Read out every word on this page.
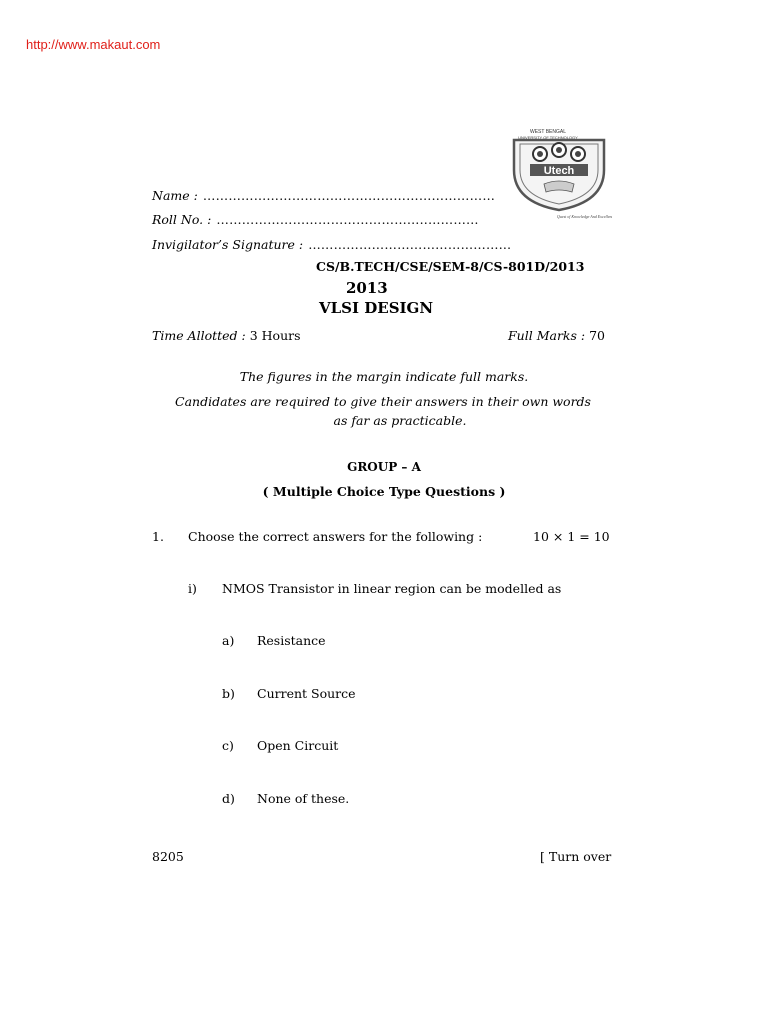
http://www.makaut.com
WEST BENGAL
UNIVERSITY OF TECHNOLOGY
Utech
Quest of Knowledge And Excellence
Name : ……………………………………………………………
Roll No. : …………………………………………..…………
Invigilator’s Signature : …………………………………………
CS/B.TECH/CSE/SEM-8/CS-801D/2013
2013
VLSI DESIGN
Time Allotted : 3 Hours	Full Marks : 70
The figures in the margin indicate full marks.
Candidates are required to give their answers in their own words
as far as practicable.
GROUP – A
( Multiple Choice Type Questions )
1. Choose the correct answers for the following :	10 × 1 = 10
i) NMOS Transistor in linear region can be modelled as
a) Resistance
b) Current Source
c) Open Circuit
d) None of these.
8205	[ Turn over
